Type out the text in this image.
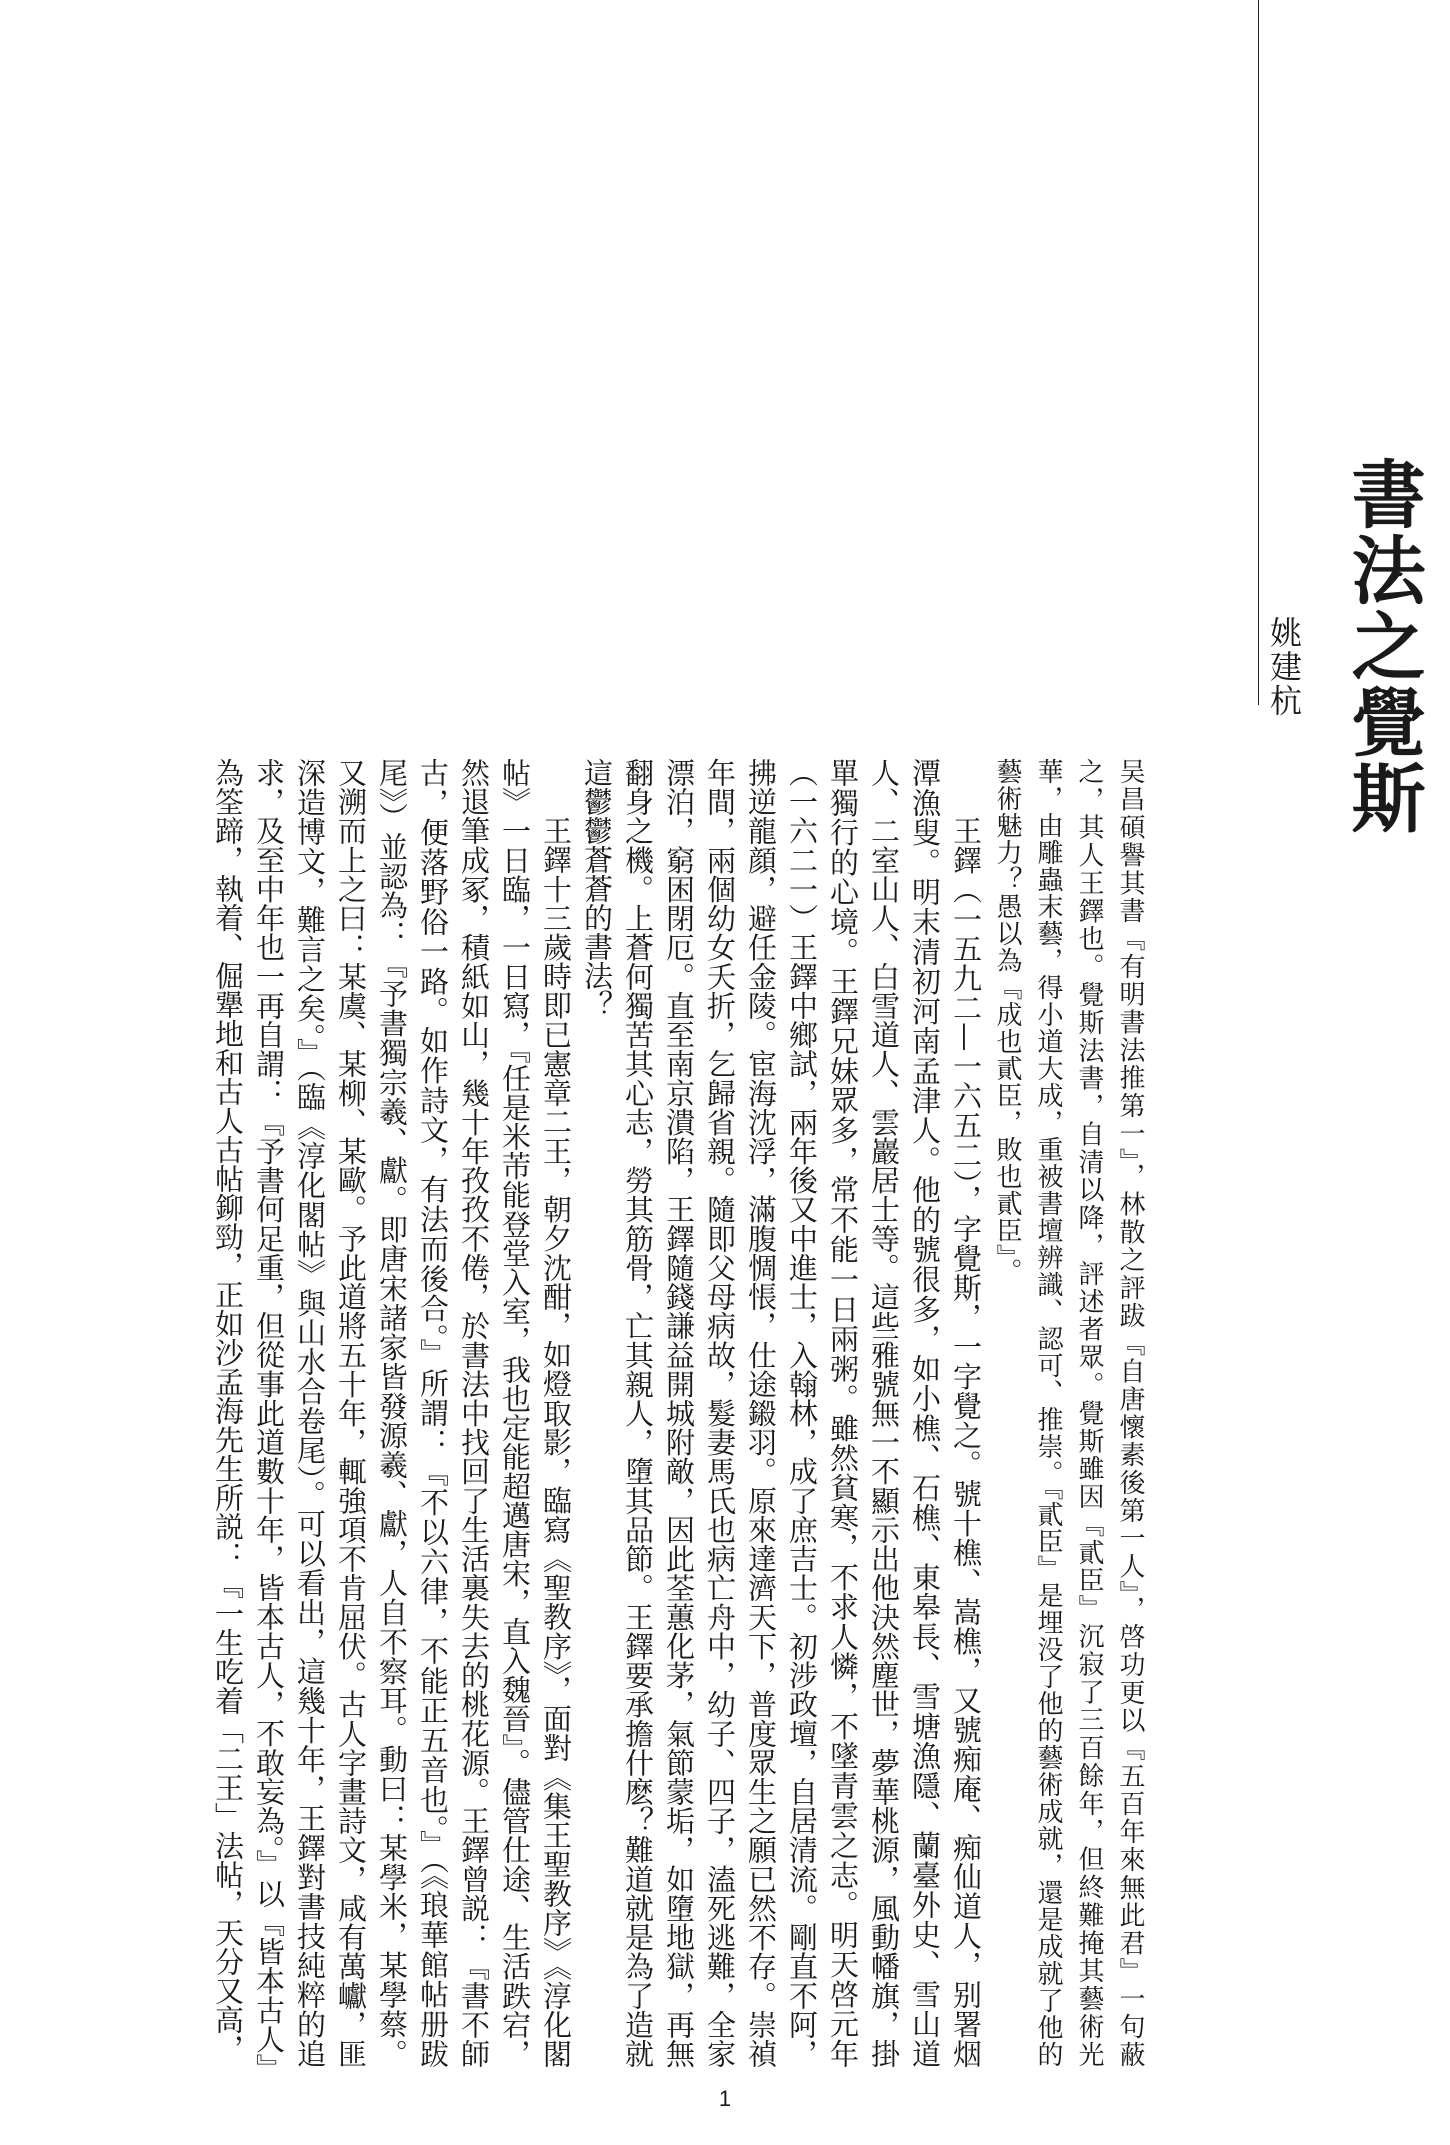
書法之覺斯
姚建杭

吴昌碩譽其書『有明書法推第一』，林散之評跋『自唐懷素後第一人』，啓功更以『五百年來無此君』一句蔽之，其人王鐸也。覺斯法書，自清以降，評述者眾。覺斯雖因『貳臣』沉寂了三百餘年，但終難掩其藝術光華，由雕蟲末藝，得小道大成，重被書壇辨識、認可、推崇。『貳臣』是埋没了他的藝術成就，還是成就了他的藝術魅力？愚以為『成也貳臣，敗也貳臣』。

王鐸（一五九二—一六五二），字覺斯，一字覺之。號十樵、嵩樵，又號痴庵、痴仙道人，别署烟潭漁叟。明末清初河南孟津人。他的號很多，如小樵、石樵、東皋長、雪塘漁隱、蘭臺外史、雪山道人、二室山人、白雪道人、雲巖居士等。這些雅號無一不顯示出他決然塵世，夢華桃源，風動幡旗，掛單獨行的心境。王鐸兄妹眾多，常不能一日兩粥。雖然貧寒，不求人憐，不墜青雲之志。明天啓元年（一六二一）王鐸中鄉試，兩年後又中進士，入翰林，成了庶吉士。初涉政壇，自居清流。剛直不阿，拂逆龍顔，避任金陵。宦海沈浮，滿腹惆悵，仕途鎩羽。原來達濟天下，普度眾生之願已然不存。崇禎年間，兩個幼女夭折，乞歸省親。隨即父母病故，髮妻馬氏也病亡舟中，幼子、四子，溘死逃難，全家漂泊，窮困閉厄。直至南京潰陷，王鐸隨錢謙益開城附敵，因此荃蕙化茅，氣節蒙垢，如墮地獄，再無翻身之機。上蒼何獨苦其心志，勞其筋骨，亡其親人，墮其品節。王鐸要承擔什麽？難道就是為了造就這鬱鬱蒼蒼的書法？

王鐸十三歲時即已憲章二王，朝夕沈酣，如燈取影，臨寫《聖教序》，面對《集王聖教序》《淳化閣帖》一日臨，一日寫，『任是米芾能登堂入室，我也定能超邁唐宋，直入魏晉』。儘管仕途、生活跌宕，然退筆成冢，積紙如山，幾十年孜孜不倦，於書法中找回了生活裏失去的桃花源。王鐸曾説：『書不師古，便落野俗一路。如作詩文，有法而後合。』所謂：『不以六律，不能正五音也。』（《琅華館帖册跋尾》）並認為：『予書獨宗羲、獻。即唐宋諸家皆發源羲、獻，人自不察耳。動曰：某學米，某學蔡。又溯而上之曰：某虞、某柳、某歐。予此道將五十年，輒強項不肯屈伏。古人字畫詩文，咸有萬巘，匪深造博文，難言之矣。』（臨《淳化閣帖》與山水合卷尾）。可以看出，這幾十年，王鐸對書技純粹的追求，及至中年也一再自謂：『予書何足重，但從事此道數十年，皆本古人，不敢妄為。』以『皆本古人』為筌蹄，執着、倔犟地和古人古帖鉚勁，正如沙孟海先生所説：『一生吃着「二王」法帖，天分又高，

1
